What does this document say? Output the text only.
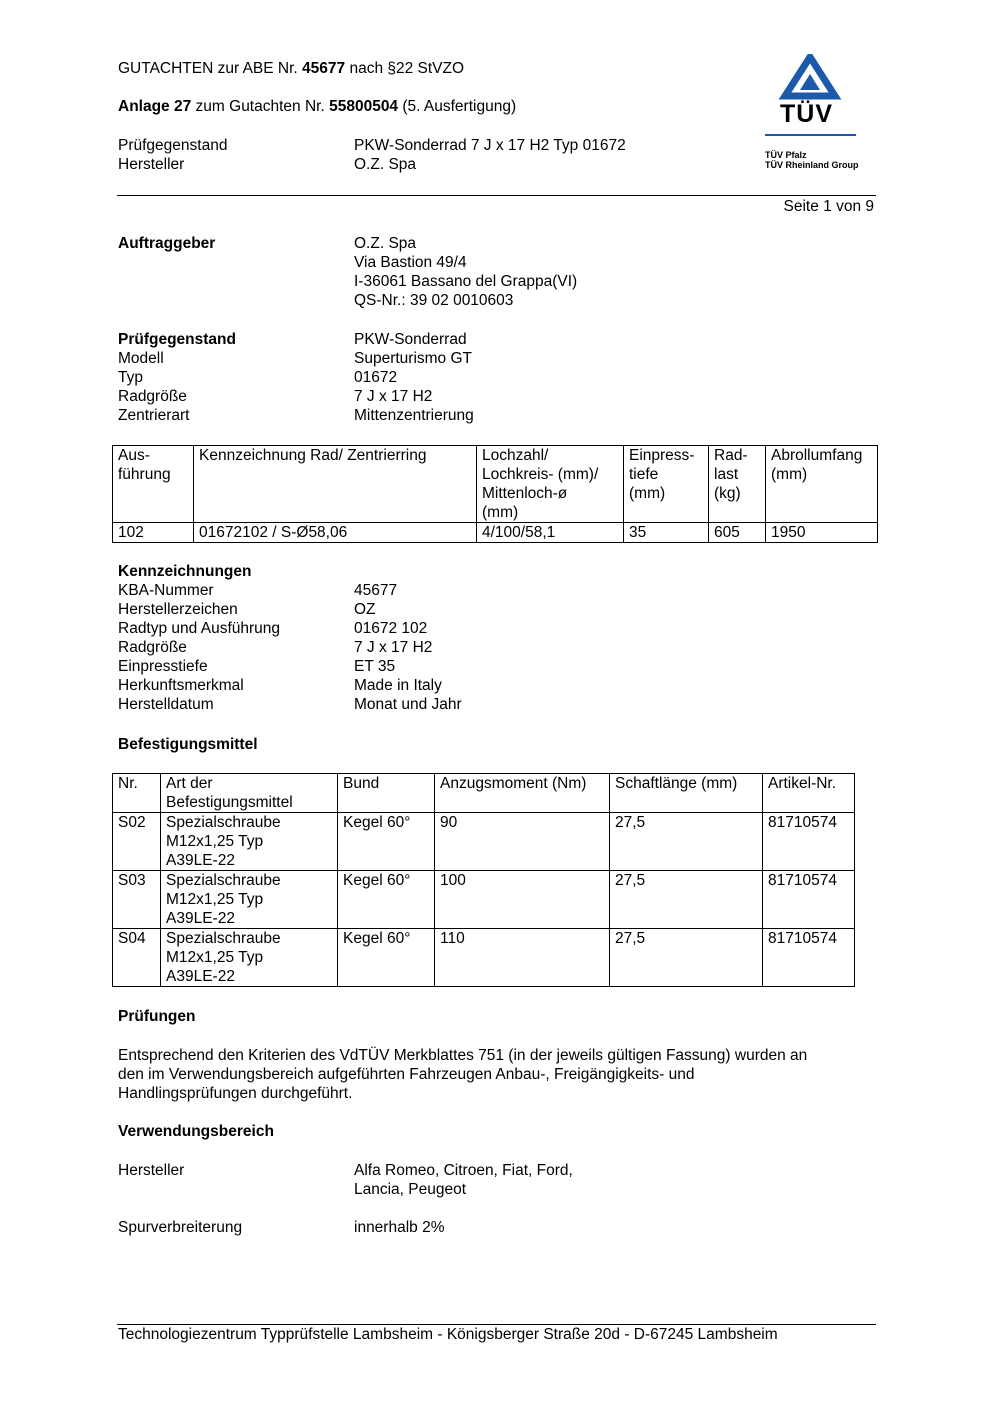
GUTACHTEN zur ABE Nr. 45677 nach §22 StVZO
Anlage 27 zum Gutachten Nr. 55800504 (5. Ausfertigung)
Prüfgegenstand	PKW-Sonderrad 7 J x 17 H2 Typ 01672
Hersteller	O.Z. Spa
TÜV
TÜV Pfalz
TÜV Rheinland Group
Seite 1 von 9
Auftraggeber	O.Z. Spa
Via Bastion 49/4
I-36061 Bassano del Grappa(VI)
QS-Nr.: 39 02 0010603
Prüfgegenstand	PKW-Sonderrad
Modell	Superturismo GT
Typ	01672
Radgröße	7 J x 17 H2
Zentrierart	Mittenzentrierung
Aus-
führung	Kennzeichnung Rad/ Zentrierring	Lochzahl/
Lochkreis- (mm)/
Mittenloch-ø
(mm)	Einpress-
tiefe
(mm)	Rad-
last
(kg)	Abrollumfang
(mm)
102	01672102 / S-Ø58,06	4/100/58,1	35	605	1950
Kennzeichnungen
KBA-Nummer	45677
Herstellerzeichen	OZ
Radtyp und Ausführung	01672 102
Radgröße	7 J x 17 H2
Einpresstiefe	ET 35
Herkunftsmerkmal	Made in Italy
Herstelldatum	Monat und Jahr
Befestigungsmittel
Nr.	Art der
Befestigungsmittel	Bund	Anzugsmoment (Nm)	Schaftlänge (mm)	Artikel-Nr.
S02	Spezialschraube
M12x1,25 Typ
A39LE-22	Kegel 60°	90	27,5	81710574
S03	Spezialschraube
M12x1,25 Typ
A39LE-22	Kegel 60°	100	27,5	81710574
S04	Spezialschraube
M12x1,25 Typ
A39LE-22	Kegel 60°	110	27,5	81710574
Prüfungen
Entsprechend den Kriterien des VdTÜV Merkblattes 751 (in der jeweils gültigen Fassung) wurden an
den im Verwendungsbereich aufgeführten Fahrzeugen Anbau-, Freigängigkeits- und
Handlingsprüfungen durchgeführt.
Verwendungsbereich
Hersteller	Alfa Romeo, Citroen, Fiat, Ford,
Lancia, Peugeot
Spurverbreiterung	innerhalb 2%
Technologiezentrum Typprüfstelle Lambsheim - Königsberger Straße 20d - D-67245 Lambsheim
